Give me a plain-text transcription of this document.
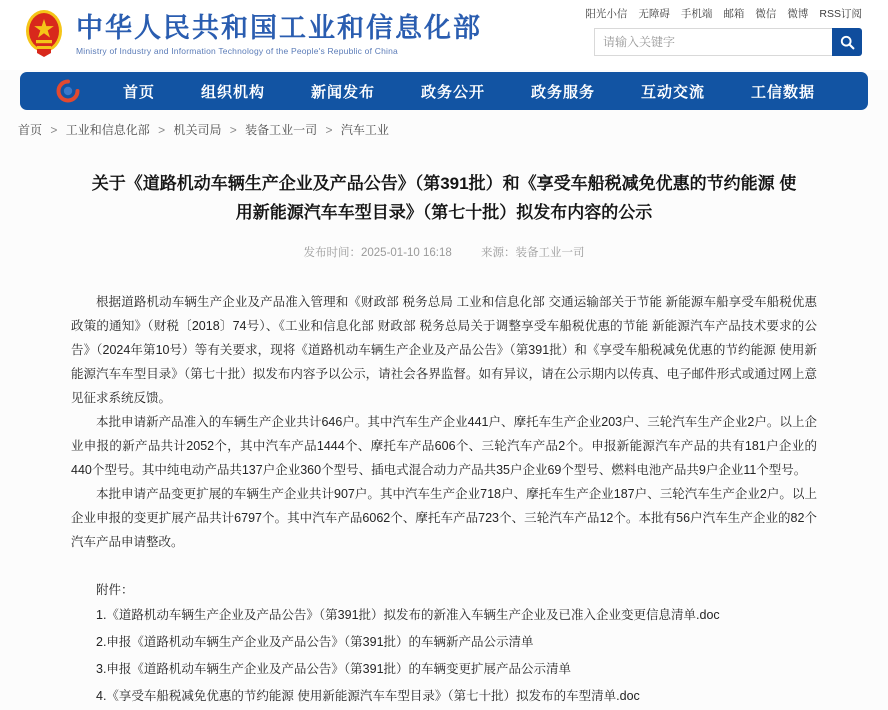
中华人民共和国工业和信息化部
Ministry of Industry and Information Technology of the People's Republic of China
阳光小信 无障碍 手机端 邮箱 微信 微博 RSS订阅
请输入关键字
首页	组织机构	新闻发布	政务公开	政务服务	互动交流	工信数据
首页 > 工业和信息化部 > 机关司局 > 装备工业一司 > 汽车工业
关于《道路机动车辆生产企业及产品公告》（第391批）和《享受车船税减免优惠的节约能源 使用新能源汽车车型目录》（第七十批）拟发布内容的公示
发布时间：2025-01-10 16:18	来源：装备工业一司

根据道路机动车辆生产企业及产品准入管理和《财政部 税务总局 工业和信息化部 交通运输部关于节能 新能源车船享受车船税优惠政策的通知》（财税〔2018〕74号）、《工业和信息化部 财政部 税务总局关于调整享受车船税优惠的节能 新能源汽车产品技术要求的公告》（2024年第10号）等有关要求，现将《道路机动车辆生产企业及产品公告》（第391批）和《享受车船税减免优惠的节约能源 使用新能源汽车车型目录》（第七十批）拟发布内容予以公示，请社会各界监督。如有异议，请在公示期内以传真、电子邮件形式或通过网上意见征求系统反馈。

本批申请新产品准入的车辆生产企业共计646户。其中汽车生产企业441户、摩托车生产企业203户、三轮汽车生产企业2户。以上企业申报的新产品共计2052个，其中汽车产品1444个、摩托车产品606个、三轮汽车产品2个。申报新能源汽车产品的共有181户企业的440个型号。其中纯电动产品共137户企业360个型号、插电式混合动力产品共35户企业69个型号、燃料电池产品共9户企业11个型号。

本批申请产品变更扩展的车辆生产企业共计907户。其中汽车生产企业718户、摩托车生产企业187户、三轮汽车生产企业2户。以上企业申报的变更扩展产品共计6797个。其中汽车产品6062个、摩托车产品723个、三轮汽车产品12个。本批有56户汽车生产企业的82个汽车产品申请整改。

附件：
1.《道路机动车辆生产企业及产品公告》（第391批）拟发布的新准入车辆生产企业及已准入企业变更信息清单.doc
2.申报《道路机动车辆生产企业及产品公告》（第391批）的车辆新产品公示清单
3.申报《道路机动车辆生产企业及产品公告》（第391批）的车辆变更扩展产品公示清单
4.《享受车船税减免优惠的节约能源 使用新能源汽车车型目录》（第七十批）拟发布的车型清单.doc
